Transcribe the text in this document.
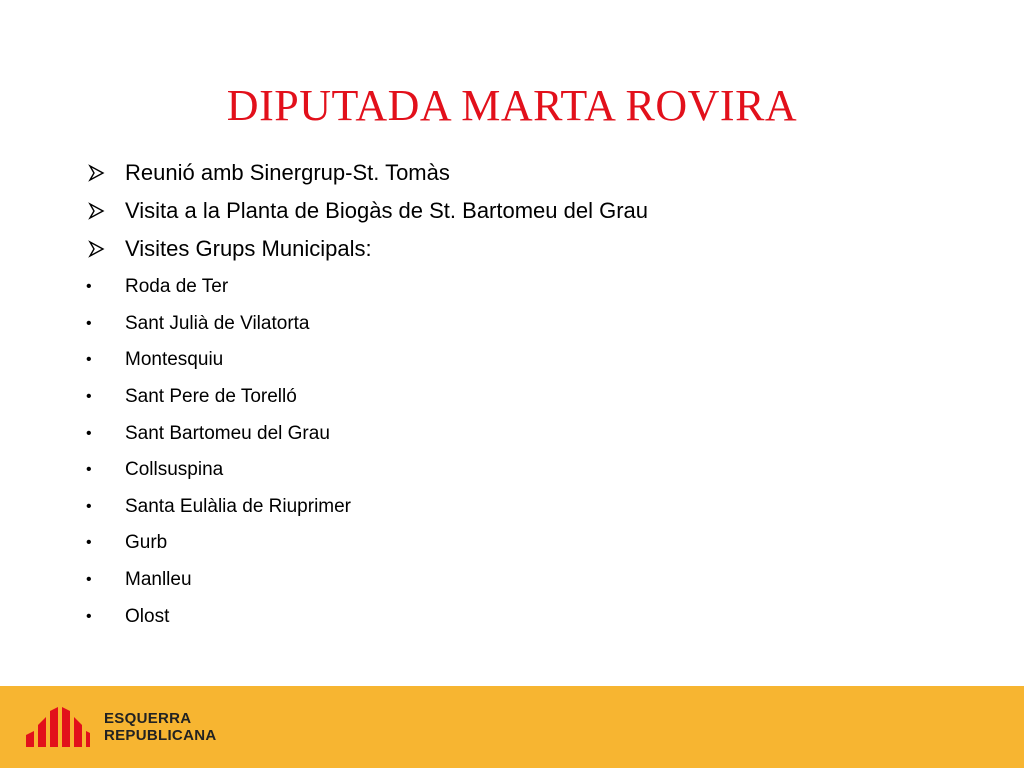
DIPUTADA MARTA ROVIRA
Reunió amb Sinergrup-St. Tomàs
Visita a la Planta de Biogàs de St. Bartomeu del Grau
Visites Grups Municipals:
•	Roda de Ter
•	Sant Julià de Vilatorta
•	Montesquiu
•	Sant Pere de Torelló
•	Sant Bartomeu del Grau
•	Collsuspina
•	Santa Eulàlia de Riuprimer
•	Gurb
•	Manlleu
•	Olost
ESQUERRA
REPUBLICANA
